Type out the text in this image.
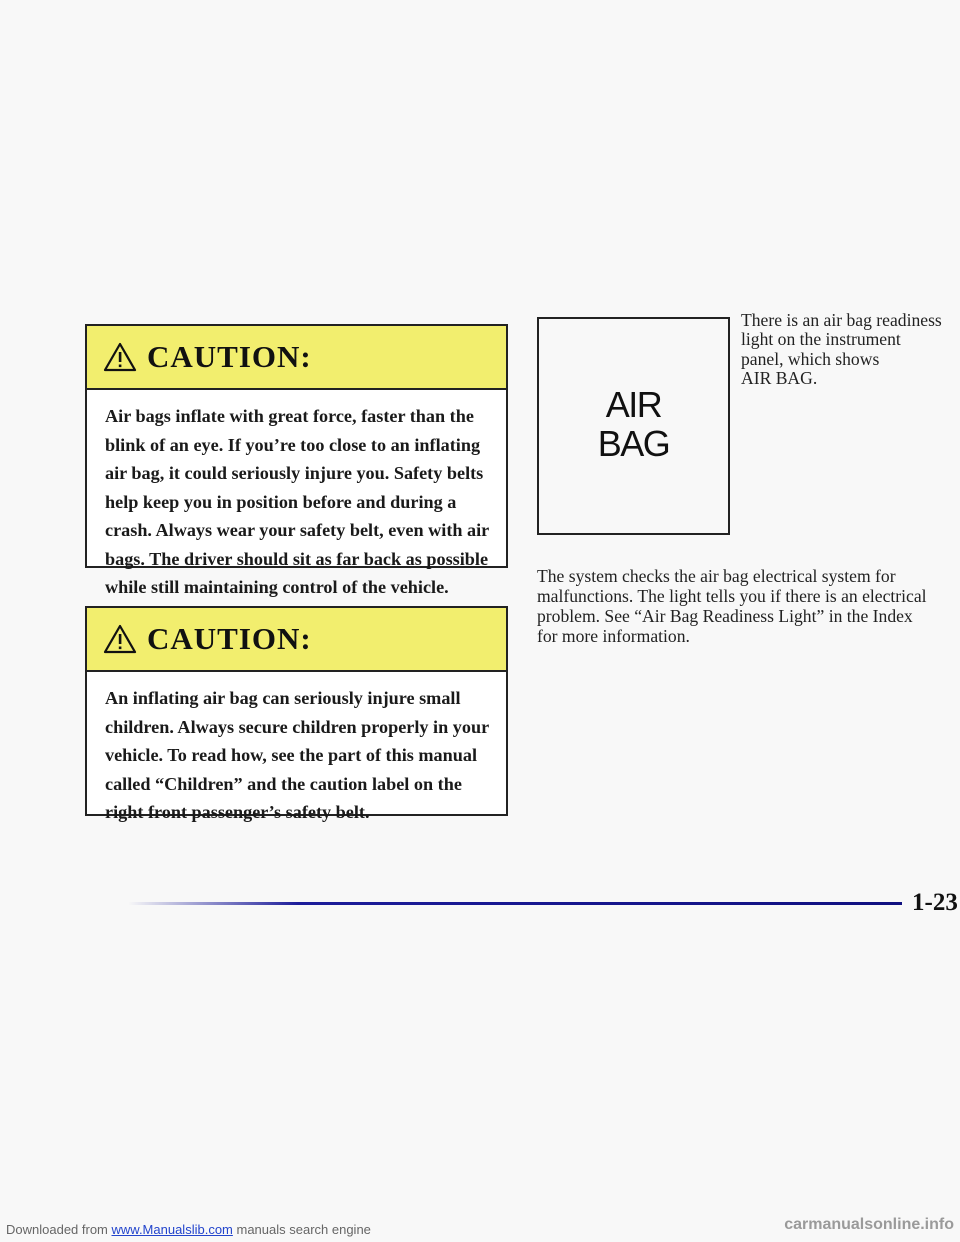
Downloaded from www.Manualslib.com manuals search engine	carmanualsonline.info
CAUTION:
Air bags inflate with great force, faster than the
blink of an eye. If you’re too close to an inflating
air bag, it could seriously injure you. Safety belts
help keep you in position before and during a
crash. Always wear your safety belt, even with air
bags. The driver should sit as far back as possible
while still maintaining control of the vehicle.
CAUTION:
An inflating air bag can seriously injure small
children. Always secure children properly in your
vehicle. To read how, see the part of this manual
called “Children” and the caution label on the
right front passenger’s safety belt.
AIR
BAG
There is an air bag readiness
light on the instrument
panel, which shows
AIR BAG.
The system checks the air bag electrical system for
malfunctions. The light tells you if there is an electrical
problem. See “Air Bag Readiness Light” in the Index
for more information.
1-23
